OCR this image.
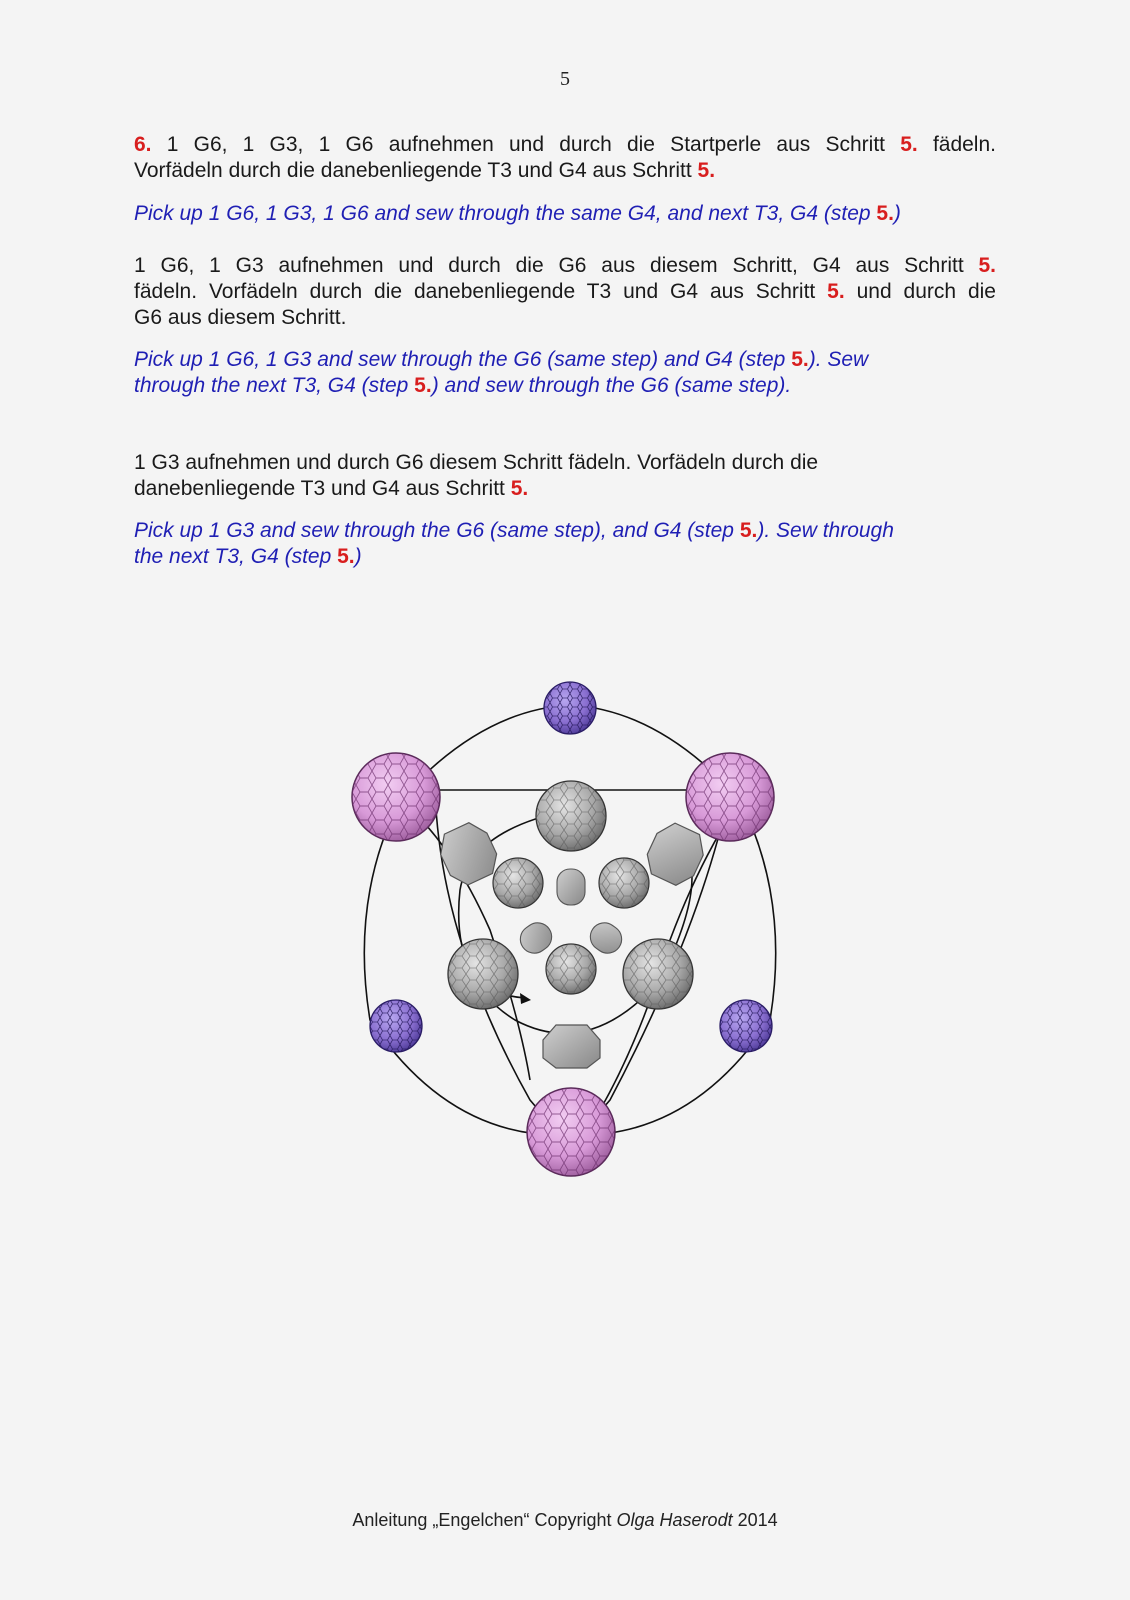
5
6. 1 G6, 1 G3, 1 G6 aufnehmen und durch die Startperle aus Schritt 5. fädeln.
Vorfädeln durch die danebenliegende T3 und G4 aus Schritt 5.
Pick up 1 G6, 1 G3, 1 G6 and sew through the same G4, and next T3, G4 (step 5.)
1 G6, 1 G3 aufnehmen und durch die G6 aus diesem Schritt, G4 aus Schritt 5.
fädeln. Vorfädeln durch die danebenliegende T3 und G4 aus Schritt 5. und durch die
G6 aus diesem Schritt.
Pick up 1 G6, 1 G3 and sew through the G6 (same step) and G4 (step 5.). Sew
through the next T3, G4 (step 5.) and sew through the G6 (same step).
1 G3 aufnehmen und durch G6 diesem Schritt fädeln. Vorfädeln durch die
danebenliegende T3 und G4 aus Schritt 5.
Pick up 1 G3 and sew through the G6 (same step), and G4 (step 5.). Sew through
the next T3, G4 (step 5.)
Anleitung „Engelchen“ Copyright Olga Haserodt 2014
